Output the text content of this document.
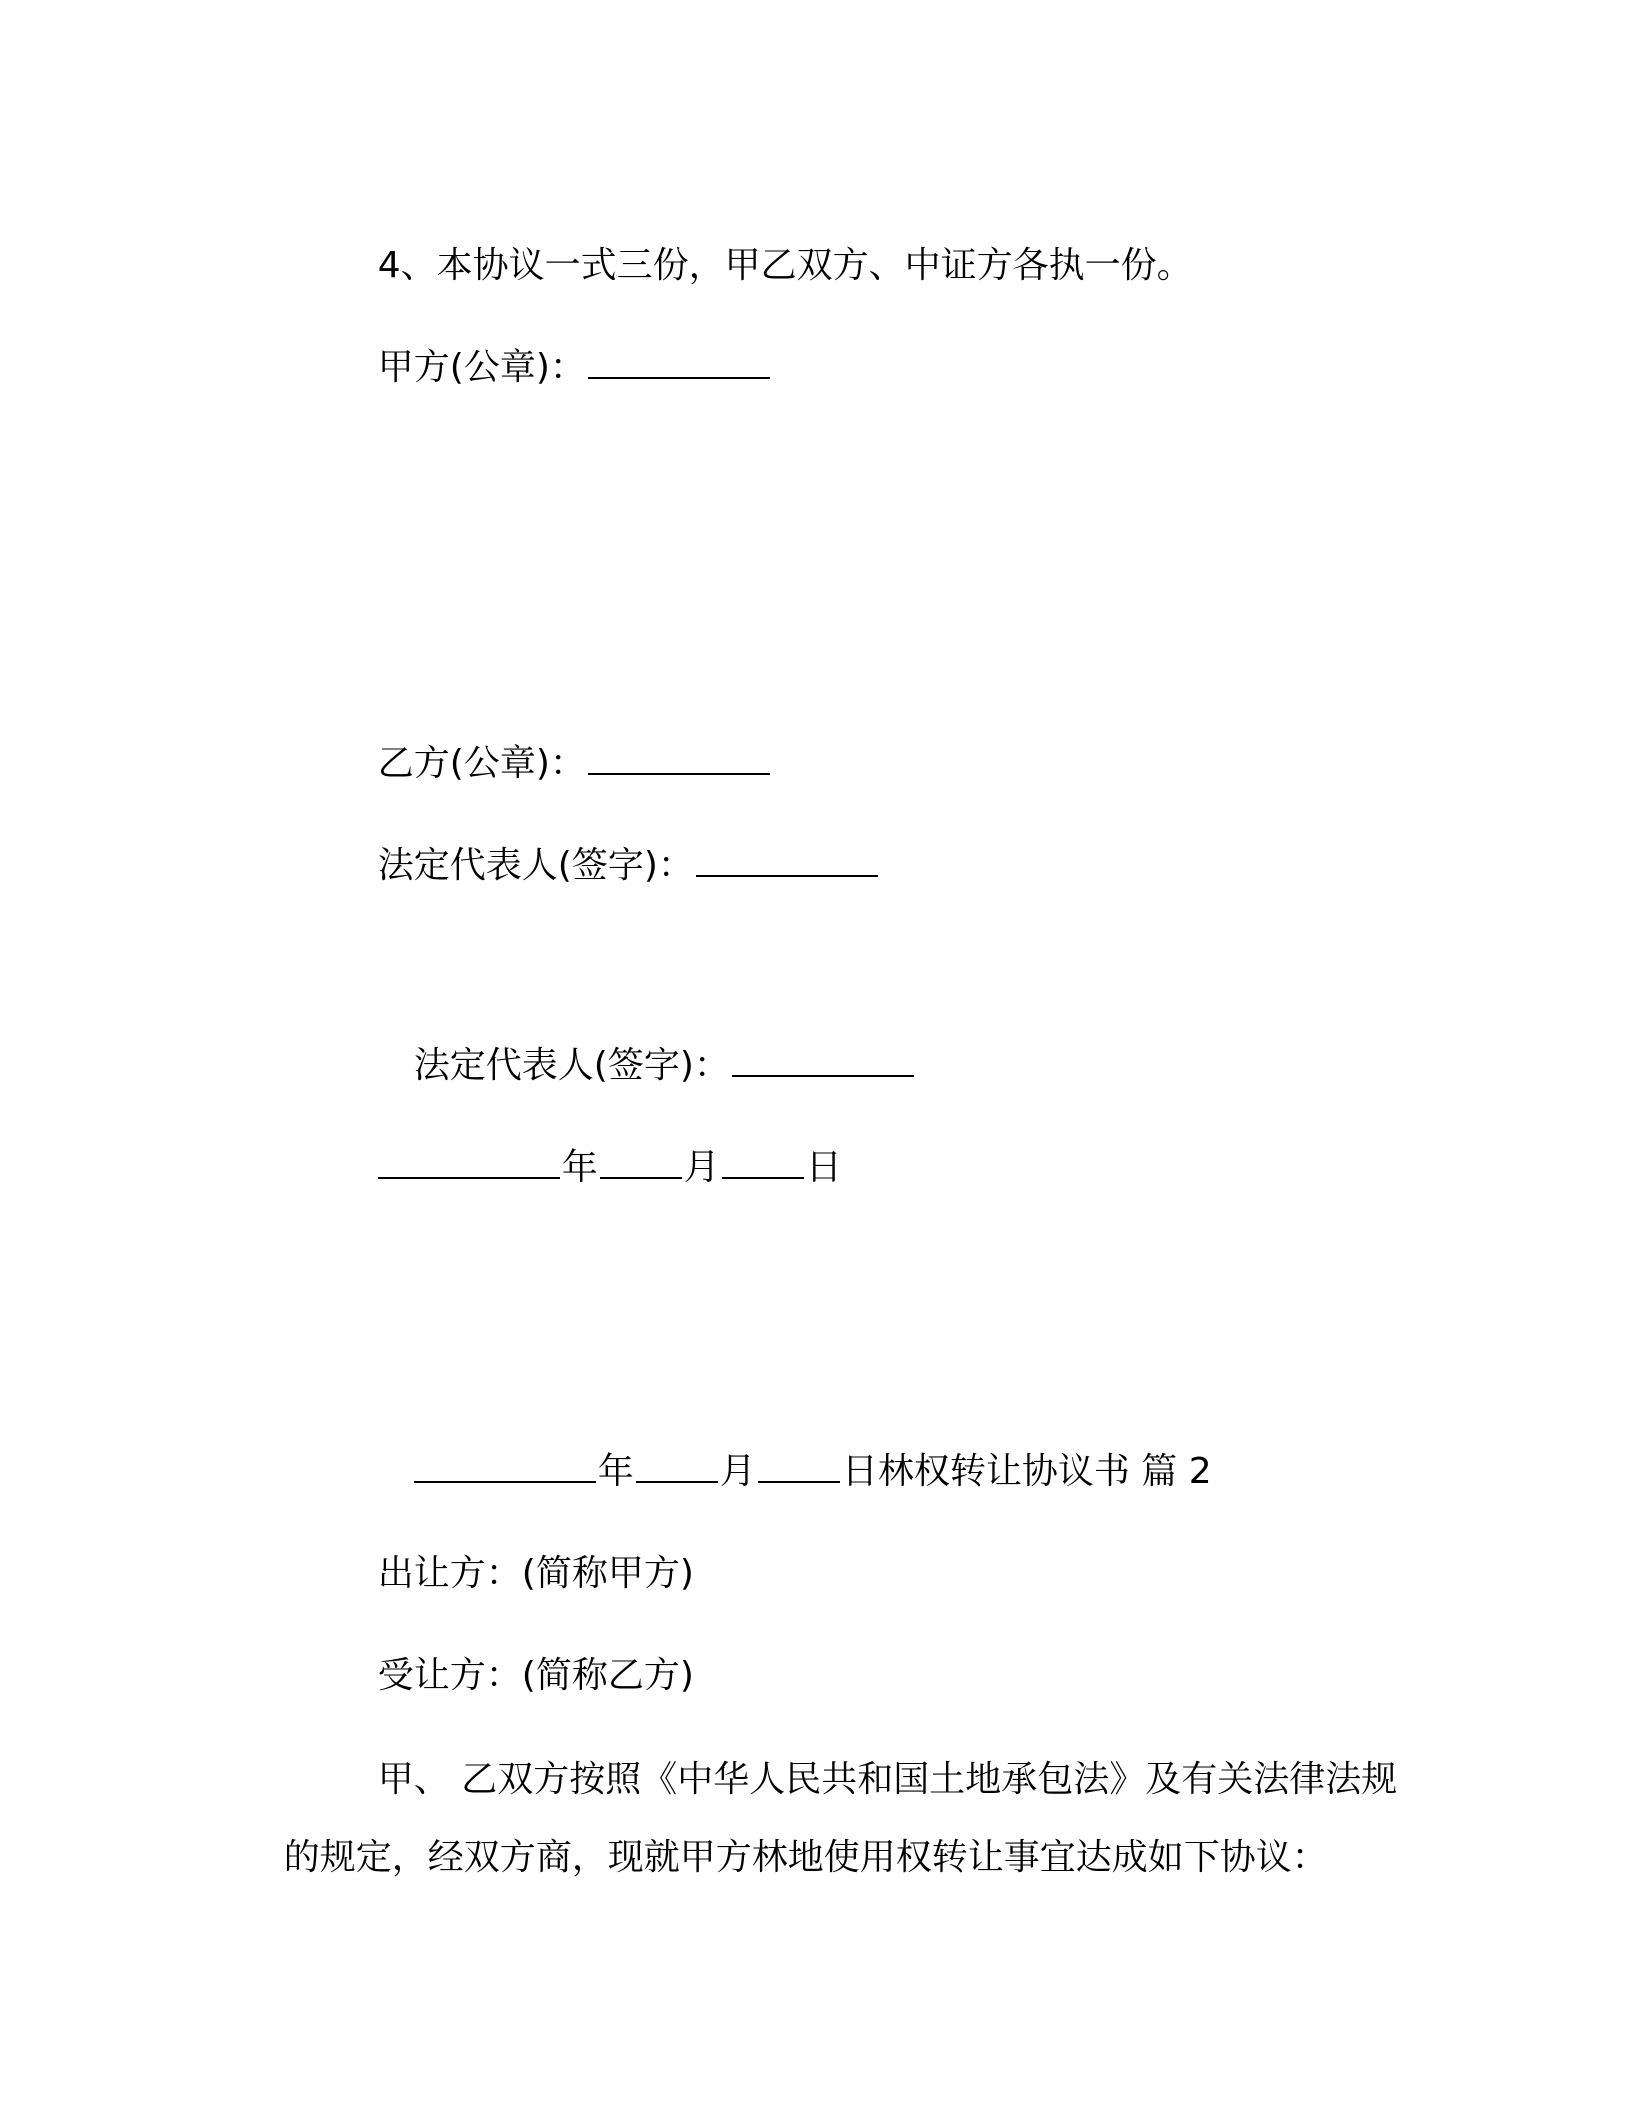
4、本协议一式三份，甲乙双方、中证方各执一份。

甲方(公章)：

乙方(公章)：

法定代表人(签字)：

法定代表人(签字)：

年 月 日

年 月 日林权转让协议书 篇 2

出让方：(简称甲方)

受让方：(简称乙方)

甲、 乙双方按照《中华人民共和国土地承包法》及有关法律法规

的规定，经双方商，现就甲方林地使用权转让事宜达成如下协议：
